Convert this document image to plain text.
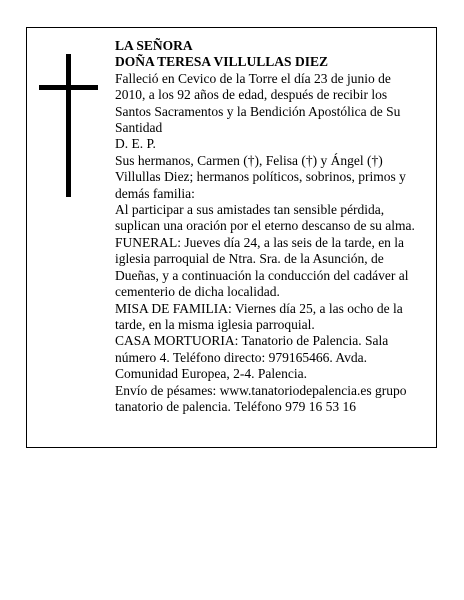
LA SEÑORA

DOÑA TERESA VILLULLAS DIEZ

Falleció en Cevico de la Torre el día 23 de junio de 2010, a los 92 años de edad, después de recibir los Santos Sacramentos y la Bendición Apostólica de Su Santidad

D. E. P.

Sus hermanos, Carmen (†), Felisa (†) y Ángel (†) Villullas Diez; hermanos políticos, sobrinos, primos y demás familia:

Al participar a sus amistades tan sensible pérdida, suplican una oración por el eterno descanso de su alma.

FUNERAL: Jueves día 24, a las seis de la tarde, en la iglesia parroquial de Ntra. Sra. de la Asunción, de Dueñas, y a continuación la conducción del cadáver al cementerio de dicha localidad.

MISA DE FAMILIA: Viernes día 25, a las ocho de la tarde, en la misma iglesia parroquial.

CASA MORTUORIA: Tanatorio de Palencia. Sala número 4. Teléfono directo: 979165466. Avda. Comunidad Europea, 2-4. Palencia.

Envío de pésames: www.tanatoriodepalencia.es grupo tanatorio de palencia. Teléfono 979 16 53 16
